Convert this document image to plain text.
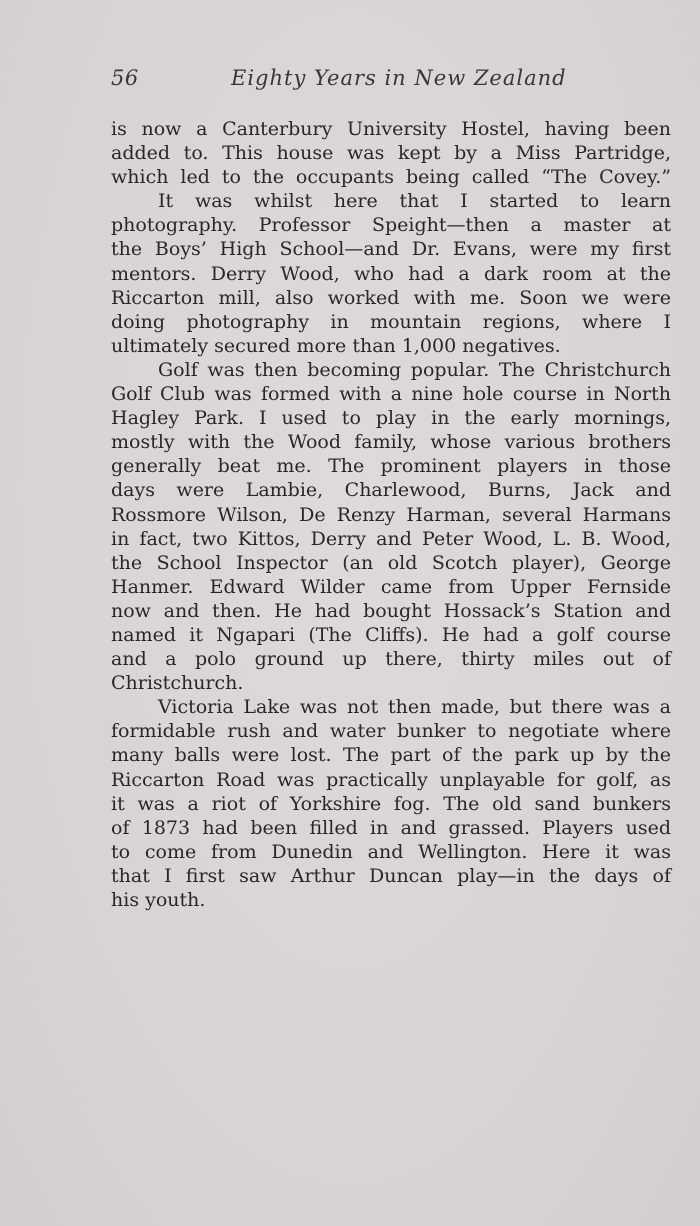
56	Eighty Years in New Zealand
is now a Canterbury University Hostel, having been
added to. This house was kept by a Miss Partridge,
which led to the occupants being called “The Covey.”
It was whilst here that I started to learn
photography. Professor Speight—then a master at
the Boys’ High School—and Dr. Evans, were my first
mentors. Derry Wood, who had a dark room at the
Riccarton mill, also worked with me. Soon we were
doing photography in mountain regions, where I
ultimately secured more than 1,000 negatives.
Golf was then becoming popular. The Christchurch
Golf Club was formed with a nine hole course in North
Hagley Park. I used to play in the early mornings,
mostly with the Wood family, whose various brothers
generally beat me. The prominent players in those
days were Lambie, Charlewood, Burns, Jack and
Rossmore Wilson, De Renzy Harman, several Harmans
in fact, two Kittos, Derry and Peter Wood, L. B. Wood,
the School Inspector (an old Scotch player), George
Hanmer. Edward Wilder came from Upper Fernside
now and then. He had bought Hossack’s Station and
named it Ngapari (The Cliffs). He had a golf course
and a polo ground up there, thirty miles out of
Christchurch.
Victoria Lake was not then made, but there was a
formidable rush and water bunker to negotiate where
many balls were lost. The part of the park up by the
Riccarton Road was practically unplayable for golf, as
it was a riot of Yorkshire fog. The old sand bunkers
of 1873 had been filled in and grassed. Players used
to come from Dunedin and Wellington. Here it was
that I first saw Arthur Duncan play—in the days of
his youth.
